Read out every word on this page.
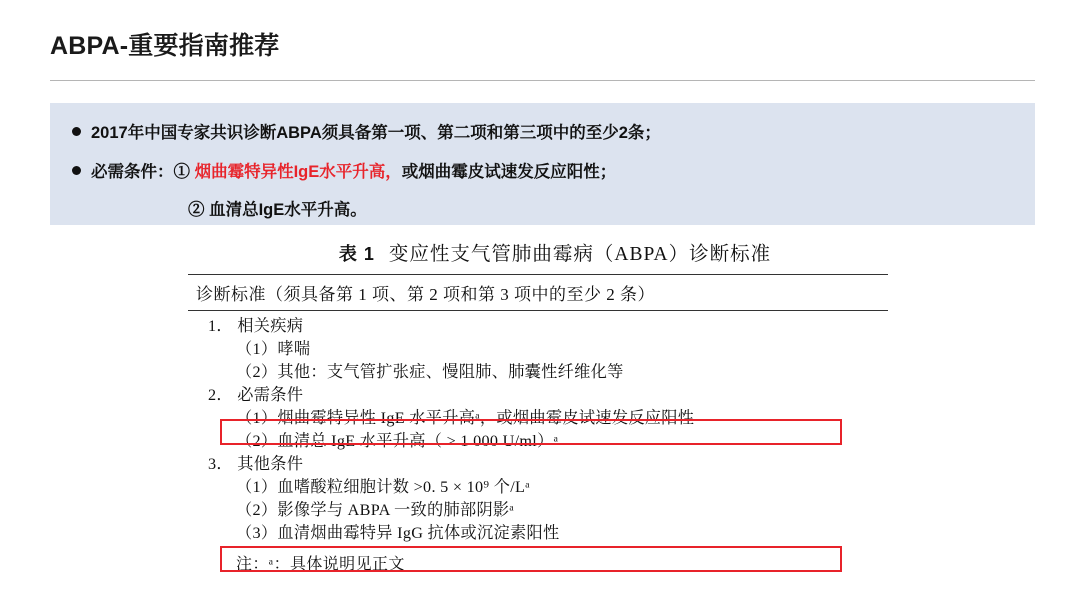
ABPA-重要指南推荐
2017年中国专家共识诊断ABPA须具备第一项、第二项和第三项中的至少2条；
必需条件：① 烟曲霉特异性IgE水平升高，或烟曲霉皮试速发反应阳性；
② 血清总IgE水平升高。
表 1 变应性支气管肺曲霉病（ABPA）诊断标准
诊断标准（须具备第 1 项、第 2 项和第 3 项中的至少 2 条）
1． 相关疾病
（1）哮喘
（2）其他：支气管扩张症、慢阻肺、肺囊性纤维化等
2． 必需条件
（1）烟曲霉特异性 IgE 水平升高ᵃ，或烟曲霉皮试速发反应阳性
（2）血清总 IgE 水平升高（ > 1 000 U/ml）ᵃ
3． 其他条件
（1）血嗜酸粒细胞计数 >0. 5 × 10⁹ 个/Lᵃ
（2）影像学与 ABPA 一致的肺部阴影ᵃ
（3）血清烟曲霉特异 IgG 抗体或沉淀素阳性
注：ᵃ：具体说明见正文
